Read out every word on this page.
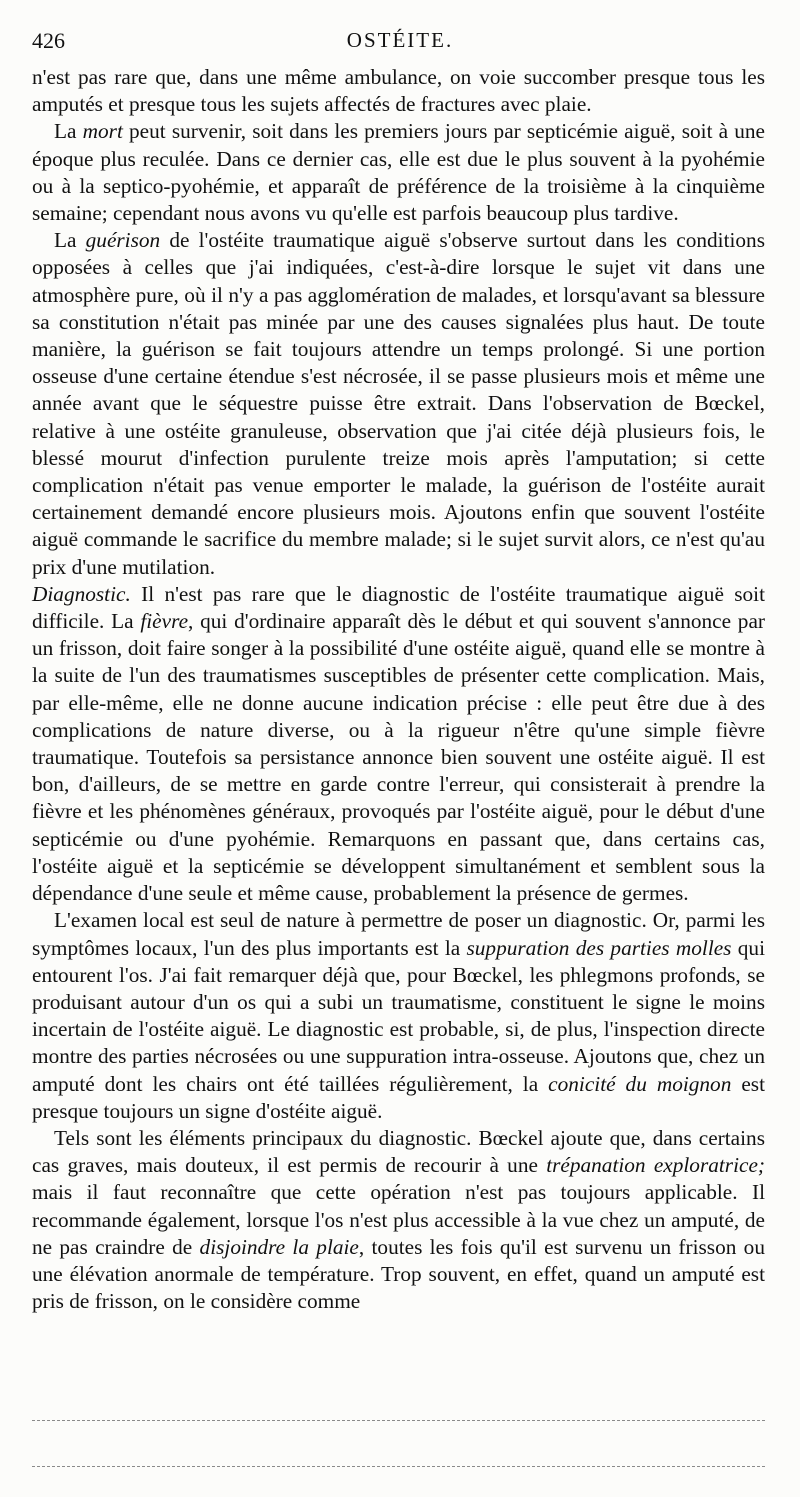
426	OSTÉITE.
n'est pas rare que, dans une même ambulance, on voie succomber presque tous les amputés et presque tous les sujets affectés de fractures avec plaie.
La mort peut survenir, soit dans les premiers jours par septicémie aiguë, soit à une époque plus reculée. Dans ce dernier cas, elle est due le plus souvent à la pyohémie ou à la septico-pyohémie, et apparaît de préférence de la troisième à la cinquième semaine; cependant nous avons vu qu'elle est parfois beaucoup plus tardive.
La guérison de l'ostéite traumatique aiguë s'observe surtout dans les conditions opposées à celles que j'ai indiquées, c'est-à-dire lorsque le sujet vit dans une atmosphère pure, où il n'y a pas agglomération de malades, et lorsqu'avant sa blessure sa constitution n'était pas minée par une des causes signalées plus haut. De toute manière, la guérison se fait toujours attendre un temps prolongé. Si une portion osseuse d'une certaine étendue s'est nécrosée, il se passe plusieurs mois et même une année avant que le séquestre puisse être extrait. Dans l'observation de Bœckel, relative à une ostéite granuleuse, observation que j'ai citée déjà plusieurs fois, le blessé mourut d'infection purulente treize mois après l'amputation; si cette complication n'était pas venue emporter le malade, la guérison de l'ostéite aurait certainement demandé encore plusieurs mois. Ajoutons enfin que souvent l'ostéite aiguë commande le sacrifice du membre malade; si le sujet survit alors, ce n'est qu'au prix d'une mutilation.
Diagnostic. Il n'est pas rare que le diagnostic de l'ostéite traumatique aiguë soit difficile. La fièvre, qui d'ordinaire apparaît dès le début et qui souvent s'annonce par un frisson, doit faire songer à la possibilité d'une ostéite aiguë, quand elle se montre à la suite de l'un des traumatismes susceptibles de présenter cette complication. Mais, par elle-même, elle ne donne aucune indication précise : elle peut être due à des complications de nature diverse, ou à la rigueur n'être qu'une simple fièvre traumatique. Toutefois sa persistance annonce bien souvent une ostéite aiguë. Il est bon, d'ailleurs, de se mettre en garde contre l'erreur, qui consisterait à prendre la fièvre et les phénomènes généraux, provoqués par l'ostéite aiguë, pour le début d'une septicémie ou d'une pyohémie. Remarquons en passant que, dans certains cas, l'ostéite aiguë et la septicémie se développent simultanément et semblent sous la dépendance d'une seule et même cause, probablement la présence de germes.
L'examen local est seul de nature à permettre de poser un diagnostic. Or, parmi les symptômes locaux, l'un des plus importants est la suppuration des parties molles qui entourent l'os. J'ai fait remarquer déjà que, pour Bœckel, les phlegmons profonds, se produisant autour d'un os qui a subi un traumatisme, constituent le signe le moins incertain de l'ostéite aiguë. Le diagnostic est probable, si, de plus, l'inspection directe montre des parties nécrosées ou une suppuration intra-osseuse. Ajoutons que, chez un amputé dont les chairs ont été taillées régulièrement, la conicité du moignon est presque toujours un signe d'ostéite aiguë.
Tels sont les éléments principaux du diagnostic. Bœckel ajoute que, dans certains cas graves, mais douteux, il est permis de recourir à une trépanation exploratrice; mais il faut reconnaître que cette opération n'est pas toujours applicable. Il recommande également, lorsque l'os n'est plus accessible à la vue chez un amputé, de ne pas craindre de disjoindre la plaie, toutes les fois qu'il est survenu un frisson ou une élévation anormale de température. Trop souvent, en effet, quand un amputé est pris de frisson, on le considère comme
